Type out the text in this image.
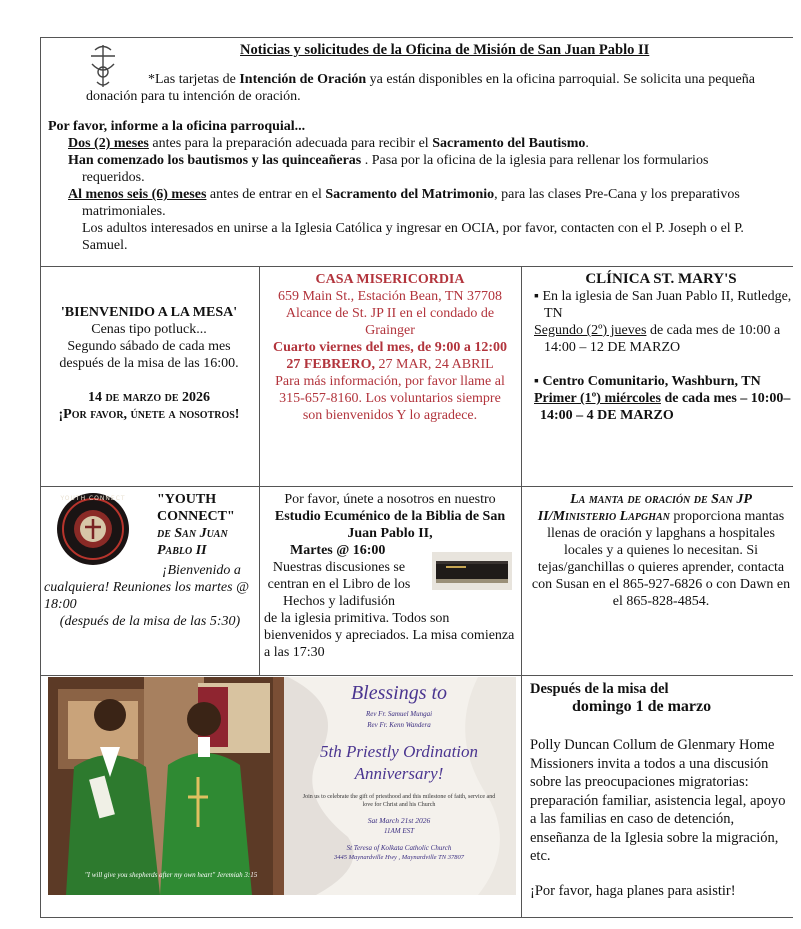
Noticias y solicitudes de la Oficina de Misión de San Juan Pablo II
*Las tarjetas de Intención de Oración ya están disponibles en la oficina parroquial. Se solicita una pequeña donación para tu intención de oración.
Por favor, informe a la oficina parroquial...
Dos (2) meses antes para la preparación adecuada para recibir el Sacramento del Bautismo.
Han comenzado los bautismos y las quinceañeras . Pasa por la oficina de la iglesia para rellenar los formularios requeridos.
Al menos seis (6) meses antes de entrar en el Sacramento del Matrimonio, para las clases Pre-Cana y los preparativos matrimoniales.
Los adultos interesados en unirse a la Iglesia Católica y ingresar en OCIA, por favor, contacten con el P. Joseph o el P. Samuel.
'BIENVENIDO A LA MESA'
Cenas tipo potluck...
Segundo sábado de cada mes después de la misa de las 16:00.
14 de marzo de 2026
¡Por favor, únete a nosotros!
CASA MISERICORDIA
659 Main St., Estación Bean, TN 37708
Alcance de St. JP II en el condado de Grainger
Cuarto viernes del mes, de 9:00 a 12:00
27 FEBRERO, 27 MAR, 24 ABRIL
Para más información, por favor llame al 315-657-8160. Los voluntarios siempre son bienvenidos Y lo agradece.
CLÍNICA ST. MARY'S
▪ En la iglesia de San Juan Pablo II, Rutledge, TN
Segundo (2º) jueves de cada mes de 10:00 a 14:00 – 12 DE MARZO
▪ Centro Comunitario, Washburn, TN
Primer (1º) miércoles de cada mes – 10:00–14:00 – 4 DE MARZO
YOUTH CONNECT	"YOUTH CONNECT"
de San Juan Pablo II
¡Bienvenido a cualquiera! Reuniones los martes @ 18:00
(después de la misa de las 5:30)
Por favor, únete a nosotros en nuestro
Estudio Ecuménico de la Biblia de San Juan Pablo II,
Martes @ 16:00
Nuestras discusiones se centran en el Libro de los Hechos y ladifusión
de la iglesia primitiva. Todos son bienvenidos y apreciados. La misa comienza a las 17:30
La manta de oración de San JP II/Ministerio Lapghan proporciona mantas llenas de oración y lapghans a hospitales locales y a quienes lo necesitan. Si tejas/ganchillas o quieres aprender, contacta con Susan en el 865-927-6826 o con Dawn en el 865-828-4854.
Blessings to
Rev Fr. Samuel Mungai
Rev Fr. Kenn Wandera
5th Priestly Ordination
Anniversary!
Join us to celebrate the gift of priesthood and this milestone of faith, service and love for Christ and his Church
Sat March 21st 2026
11AM EST
St Teresa of Kolkata Catholic Church
3445 Maynardville Hwy , Maynardville TN 37807
"I will give you shepherds after my own heart" Jeremiah 3:15
Después de la misa del
domingo 1 de marzo
Polly Duncan Collum de Glenmary Home Missioners invita a todos a una discusión sobre las preocupaciones migratorias: preparación familiar, asistencia legal, apoyo a las familias en caso de detención, enseñanza de la Iglesia sobre la migración, etc.
¡Por favor, haga planes para asistir!
